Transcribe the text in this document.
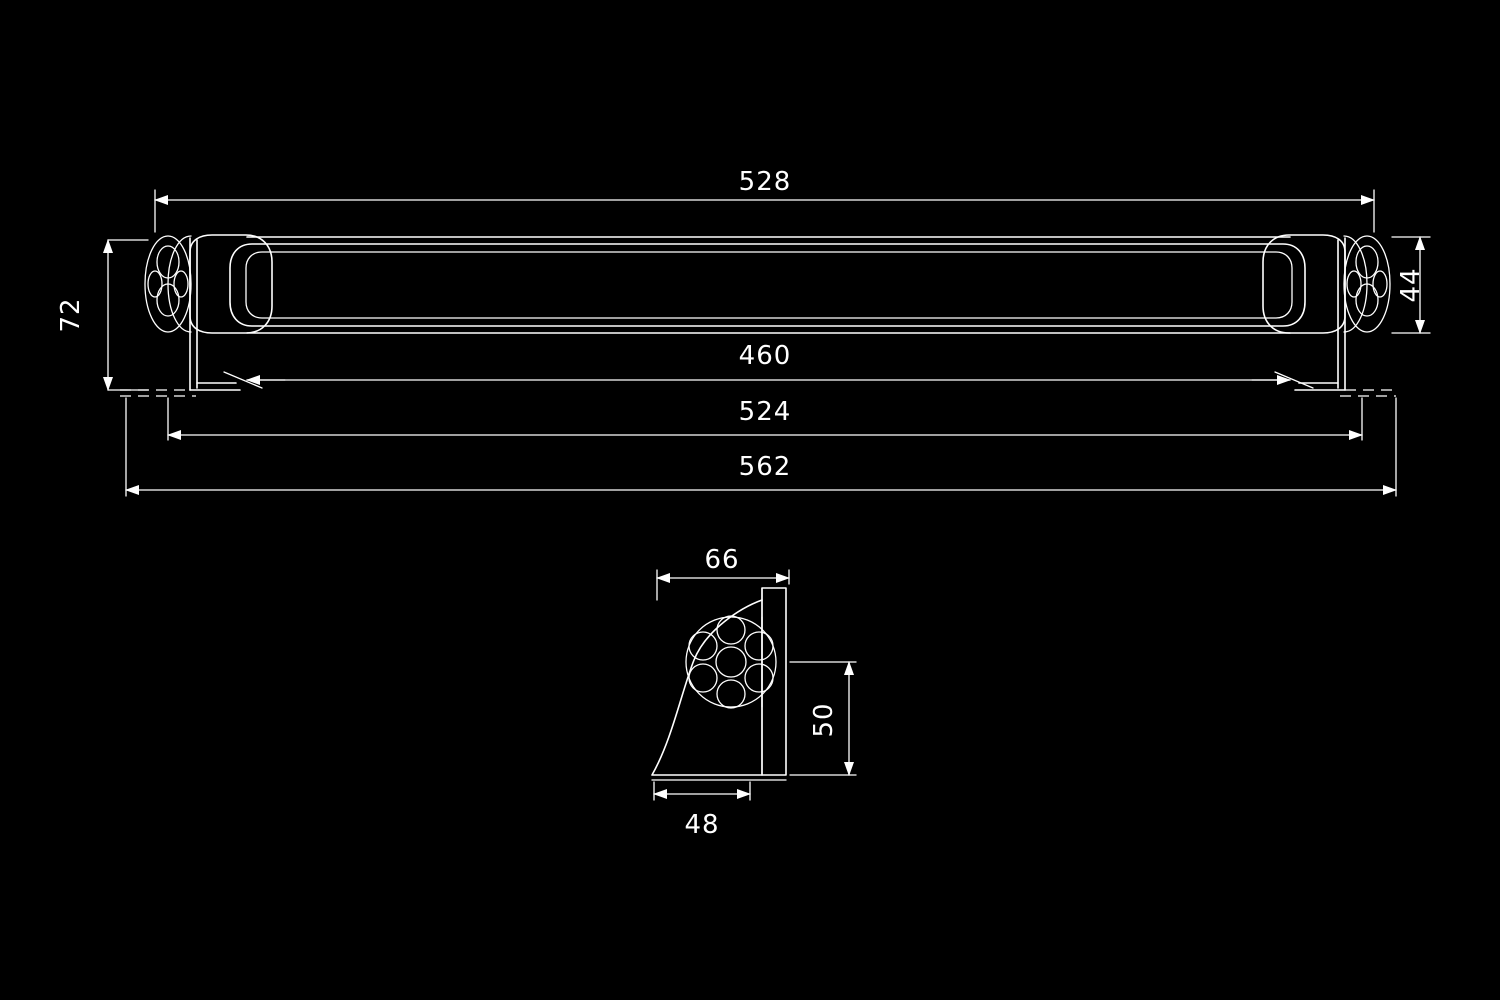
528
44
72
460
524
562
66
50
48
